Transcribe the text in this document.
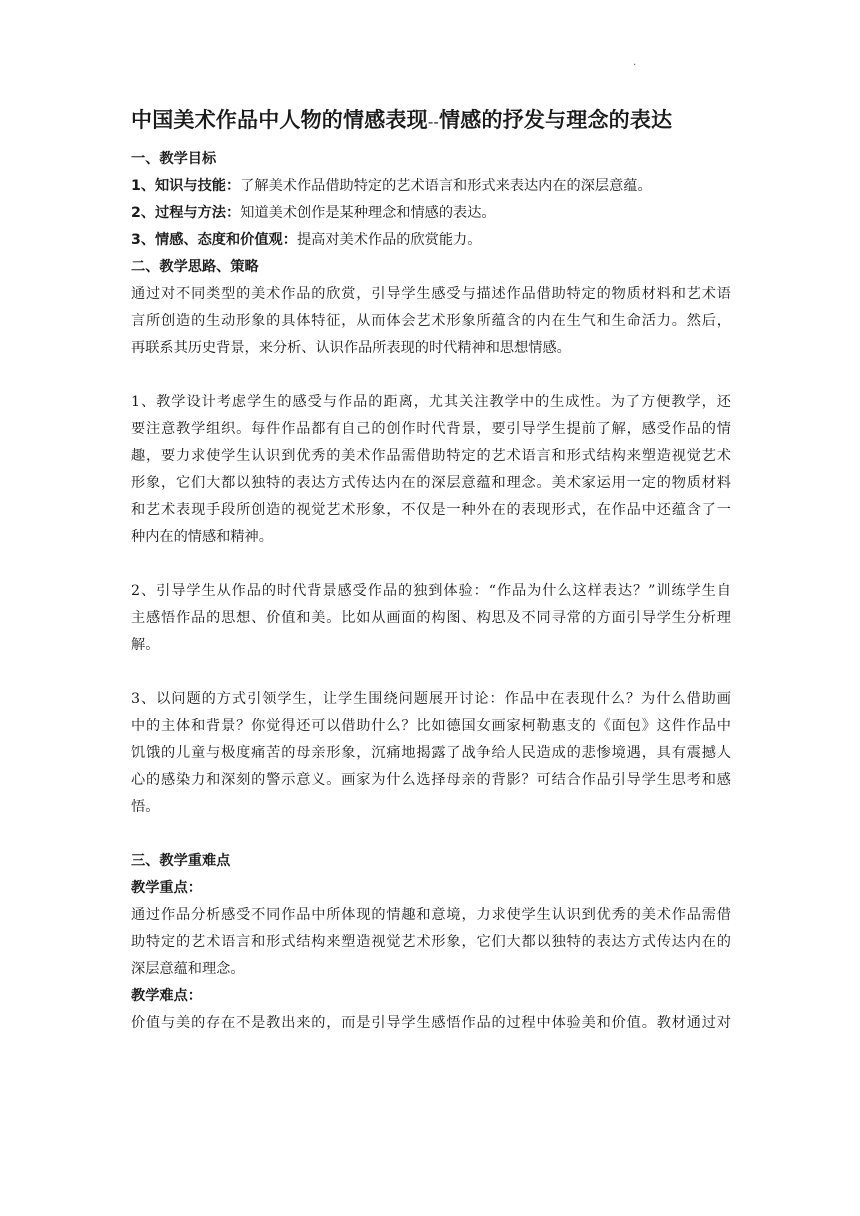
.
中国美术作品中人物的情感表现--情感的抒发与理念的表达
一、教学目标
1、知识与技能：了解美术作品借助特定的艺术语言和形式来表达内在的深层意蕴。
2、过程与方法：知道美术创作是某种理念和情感的表达。
3、情感、态度和价值观：提高对美术作品的欣赏能力。
二、教学思路、策略
通过对不同类型的美术作品的欣赏，引导学生感受与描述作品借助特定的物质材料和艺术语
言所创造的生动形象的具体特征，从而体会艺术形象所蕴含的内在生气和生命活力。然后，
再联系其历史背景，来分析、认识作品所表现的时代精神和思想情感。
1、教学设计考虑学生的感受与作品的距离，尤其关注教学中的生成性。为了方便教学，还
要注意教学组织。每件作品都有自己的创作时代背景，要引导学生提前了解，感受作品的情
趣，要力求使学生认识到优秀的美术作品需借助特定的艺术语言和形式结构来塑造视觉艺术
形象，它们大都以独特的表达方式传达内在的深层意蕴和理念。美术家运用一定的物质材料
和艺术表现手段所创造的视觉艺术形象，不仅是一种外在的表现形式，在作品中还蕴含了一
种内在的情感和精神。
2、引导学生从作品的时代背景感受作品的独到体验：“作品为什么这样表达？”训练学生自
主感悟作品的思想、价值和美。比如从画面的构图、构思及不同寻常的方面引导学生分析理
解。
3、以问题的方式引领学生，让学生围绕问题展开讨论：作品中在表现什么？为什么借助画
中的主体和背景？你觉得还可以借助什么？比如德国女画家柯勒惠支的《面包》这件作品中
饥饿的儿童与极度痛苦的母亲形象，沉痛地揭露了战争给人民造成的悲惨境遇，具有震撼人
心的感染力和深刻的警示意义。画家为什么选择母亲的背影？可结合作品引导学生思考和感
悟。
三、教学重难点
教学重点：
通过作品分析感受不同作品中所体现的情趣和意境，力求使学生认识到优秀的美术作品需借
助特定的艺术语言和形式结构来塑造视觉艺术形象，它们大都以独特的表达方式传达内在的
深层意蕴和理念。
教学难点：
价值与美的存在不是教出来的，而是引导学生感悟作品的过程中体验美和价值。教材通过对
